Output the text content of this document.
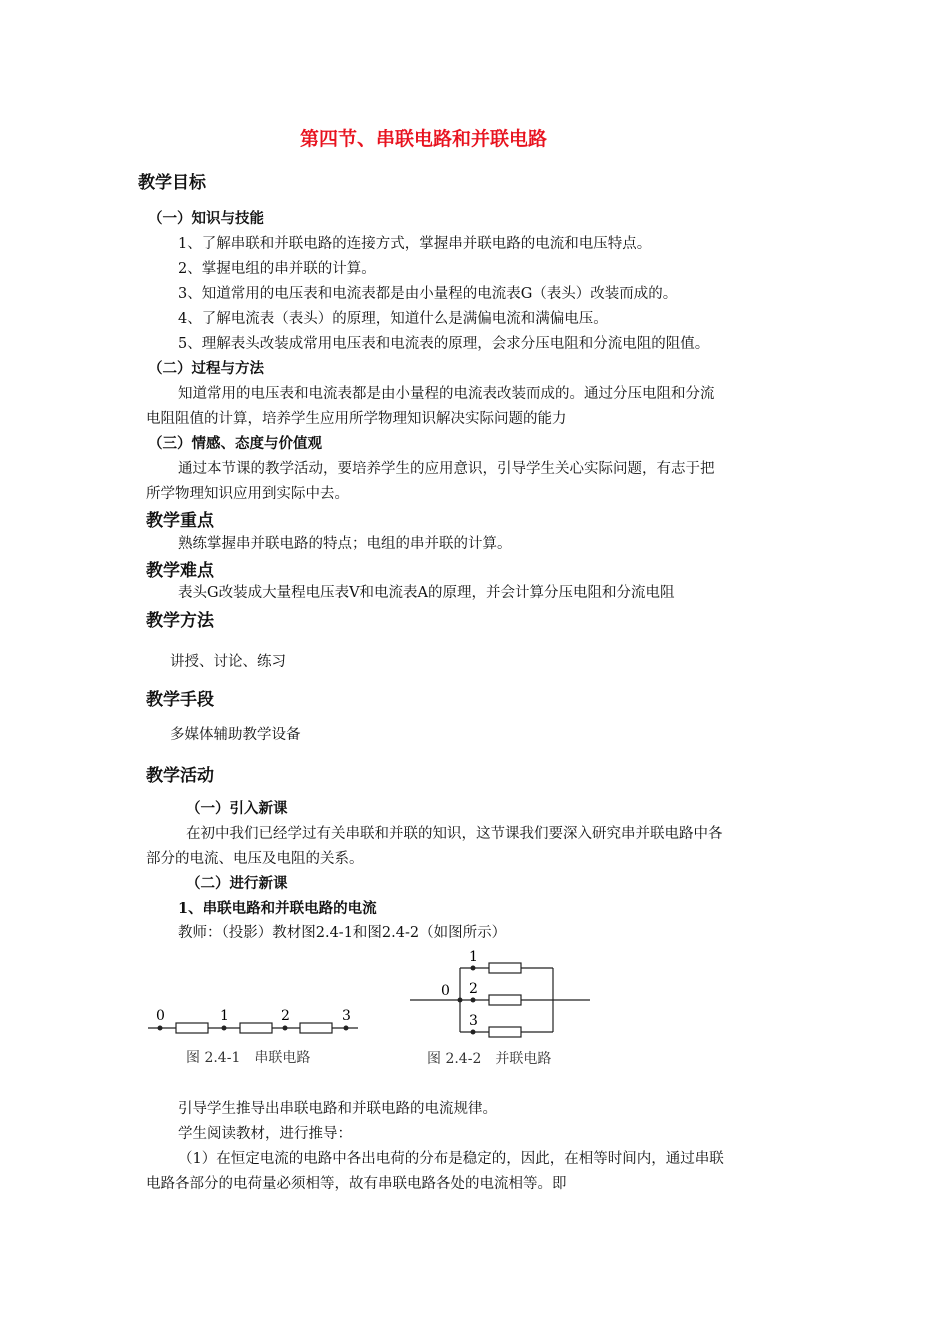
第四节、串联电路和并联电路
教学目标
（一）知识与技能
1、了解串联和并联电路的连接方式，掌握串并联电路的电流和电压特点。
2、掌握电组的串并联的计算。
3、知道常用的电压表和电流表都是由小量程的电流表G（表头）改装而成的。
4、了解电流表（表头）的原理，知道什么是满偏电流和满偏电压。
5、理解表头改装成常用电压表和电流表的原理，会求分压电阻和分流电阻的阻值。
（二）过程与方法
知道常用的电压表和电流表都是由小量程的电流表改装而成的。通过分压电阻和分流
电阻阻值的计算，培养学生应用所学物理知识解决实际问题的能力
（三）情感、态度与价值观
通过本节课的教学活动，要培养学生的应用意识，引导学生关心实际问题，有志于把
所学物理知识应用到实际中去。
教学重点
熟练掌握串并联电路的特点；电组的串并联的计算。
教学难点
表头G改装成大量程电压表V和电流表A的原理，并会计算分压电阻和分流电阻
教学方法
讲授、讨论、练习
教学手段
多媒体辅助教学设备
教学活动
（一）引入新课
在初中我们已经学过有关串联和并联的知识，这节课我们要深入研究串并联电路中各
部分的电流、电压及电阻的关系。
（二）进行新课
1、串联电路和并联电路的电流
教师：（投影）教材图2.4-1和图2.4-2（如图所示）
0	1	2	3
图 2.4-1　串联电路
0
1
2
3
图 2.4-2　并联电路
引导学生推导出串联电路和并联电路的电流规律。
学生阅读教材，进行推导：
（1）在恒定电流的电路中各出电荷的分布是稳定的，因此，在相等时间内，通过串联
电路各部分的电荷量必须相等，故有串联电路各处的电流相等。即
